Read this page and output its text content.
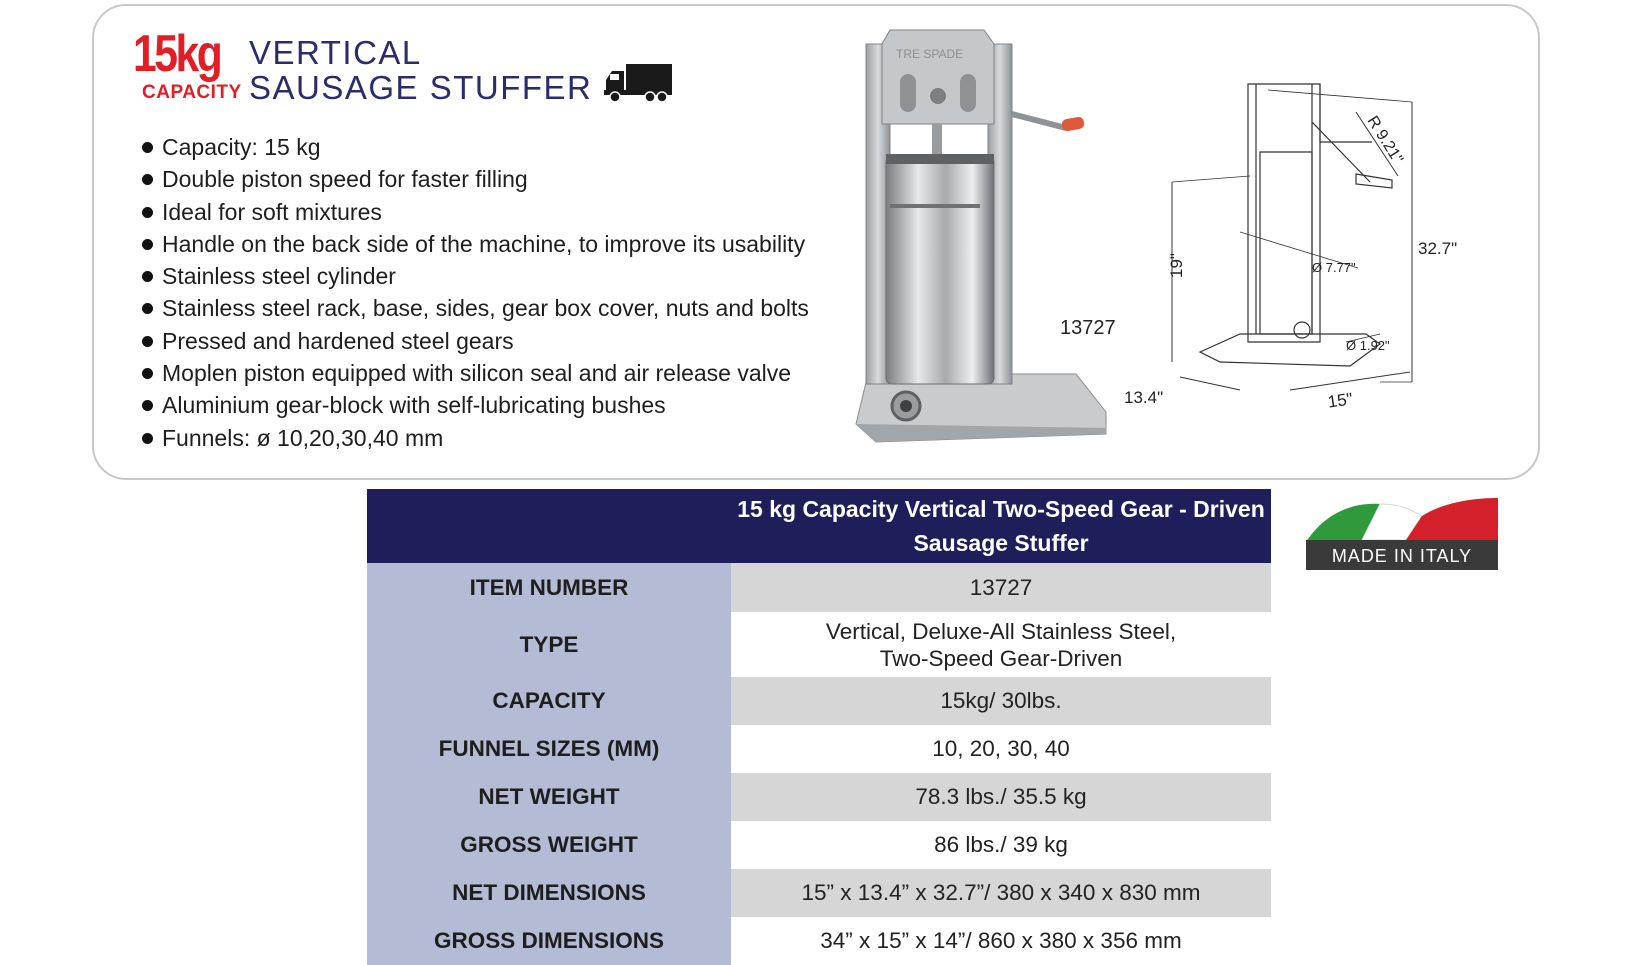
15kg
CAPACITY
VERTICAL
SAUSAGE STUFFER
Capacity: 15 kg
Double piston speed for faster filling
Ideal for soft mixtures
Handle on the back side of the machine, to improve its usability
Stainless steel cylinder
Stainless steel rack, base, sides, gear box cover, nuts and bolts
Pressed and hardened steel gears
Moplen piston equipped with silicon seal and air release valve
Aluminium gear-block with self-lubricating bushes
Funnels: ø 10,20,30,40 mm
TRE SPADE
13727
R 9.21"
32.7"
19"	Ø 7.77"
Ø 1.92"
13.4"	15"
	15 kg Capacity Vertical Two-Speed Gear - Driven Sausage Stuffer
ITEM NUMBER	13727
TYPE	Vertical, Deluxe-All Stainless Steel,
Two-Speed Gear-Driven

CAPACITY	15kg/ 30lbs.
FUNNEL SIZES (MM)	10, 20, 30, 40
NET WEIGHT	78.3 lbs./ 35.5 kg
GROSS WEIGHT	86 lbs./ 39 kg
NET DIMENSIONS	15” x 13.4” x 32.7”/ 380 x 340 x 830 mm
GROSS DIMENSIONS	34” x 15” x 14”/ 860 x 380 x 356 mm
MADE IN ITALY
